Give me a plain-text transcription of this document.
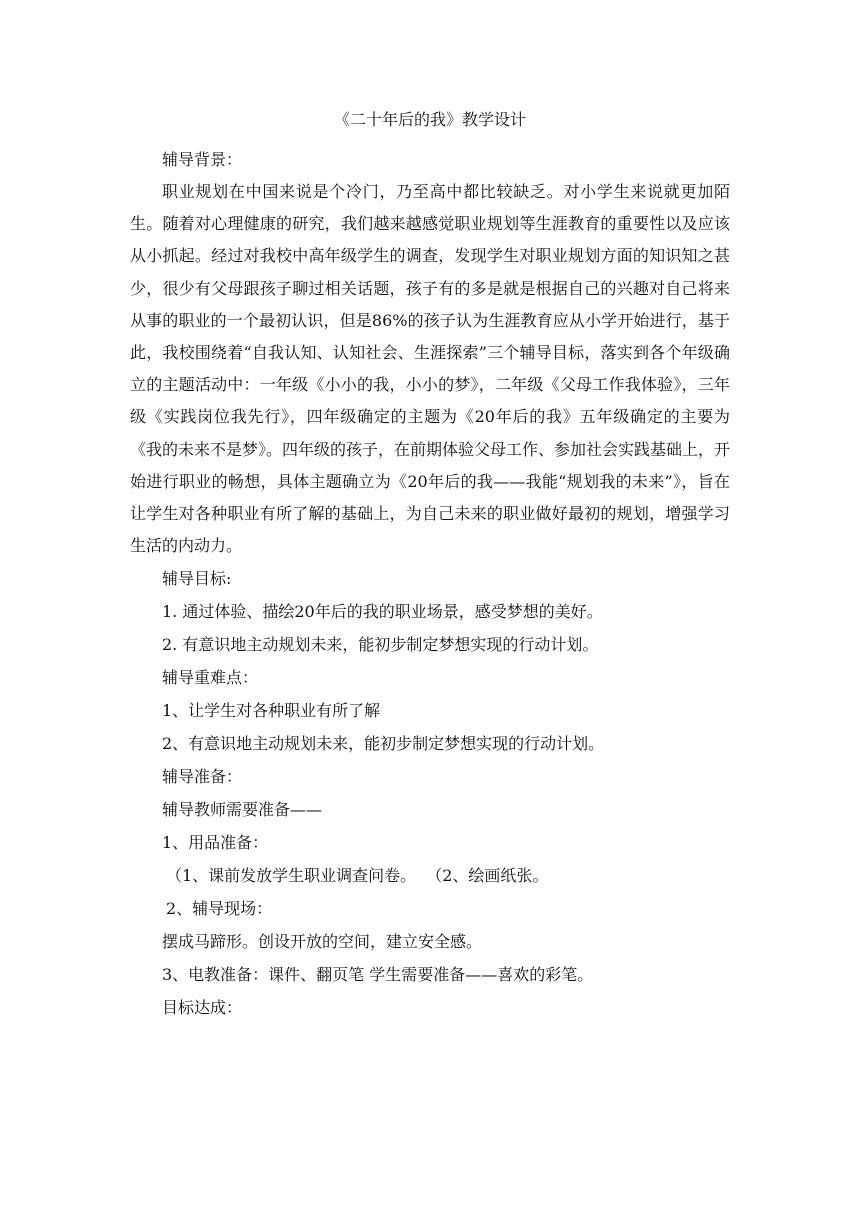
《二十年后的我》教学设计

辅导背景：

职业规划在中国来说是个冷门，乃至高中都比较缺乏。对小学生来说就更加陌生。随着对心理健康的研究，我们越来越感觉职业规划等生涯教育的重要性以及应该从小抓起。经过对我校中高年级学生的调查，发现学生对职业规划方面的知识知之甚少，很少有父母跟孩子聊过相关话题，孩子有的多是就是根据自己的兴趣对自己将来从事的职业的一个最初认识，但是86%的孩子认为生涯教育应从小学开始进行，基于此，我校围绕着“自我认知、认知社会、生涯探索”三个辅导目标，落实到各个年级确立的主题活动中：一年级《小小的我，小小的梦》，二年级《父母工作我体验》，三年级《实践岗位我先行》，四年级确定的主题为《20年后的我》五年级确定的主要为《我的未来不是梦》。四年级的孩子，在前期体验父母工作、参加社会实践基础上，开始进行职业的畅想，具体主题确立为《20年后的我——我能“规划我的未来”》，旨在让学生对各种职业有所了解的基础上，为自己未来的职业做好最初的规划，增强学习生活的内动力。

辅导目标:

1. 通过体验、描绘20年后的我的职业场景，感受梦想的美好。

2. 有意识地主动规划未来，能初步制定梦想实现的行动计划。

辅导重难点：

1、让学生对各种职业有所了解

2、有意识地主动规划未来，能初步制定梦想实现的行动计划。

辅导准备：

辅导教师需要准备——

1、用品准备：

（1、课前发放学生职业调查问卷。 （2、绘画纸张。

2、辅导现场：

摆成马蹄形。创设开放的空间，建立安全感。

3、电教准备：课件、翻页笔 学生需要准备——喜欢的彩笔。

目标达成：
